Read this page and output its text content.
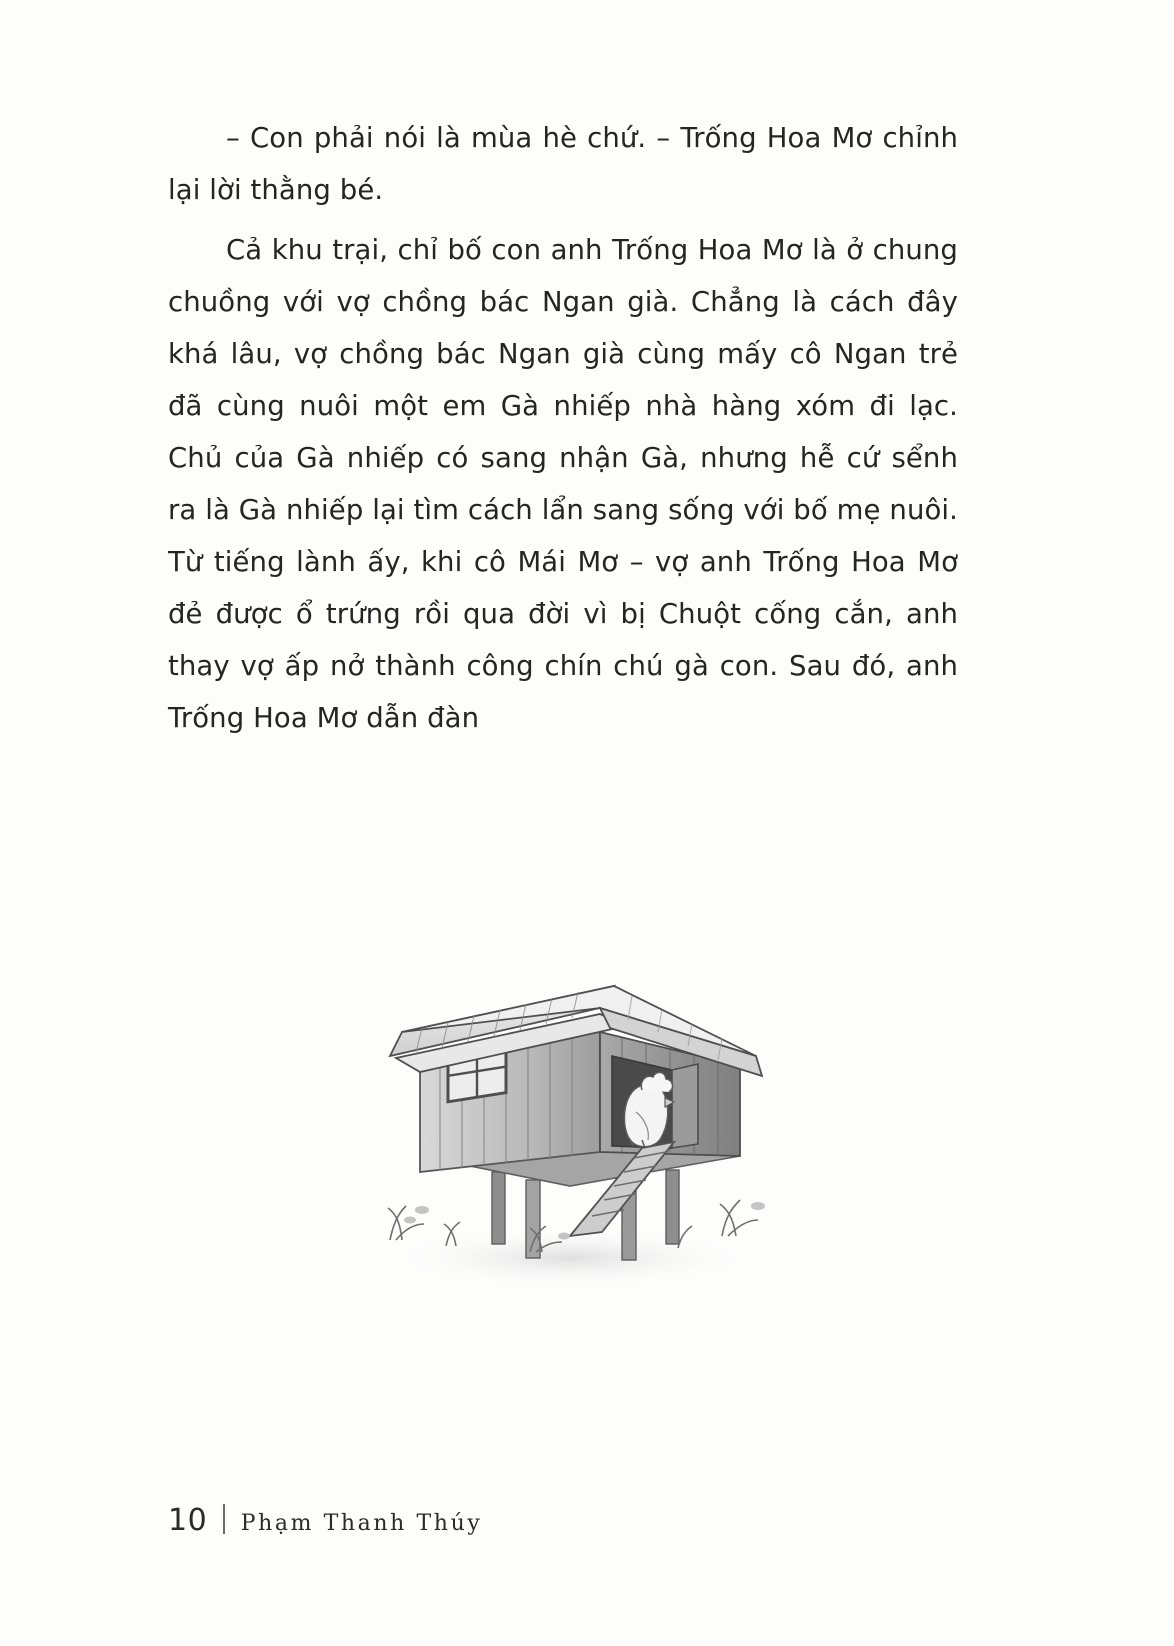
– Con phải nói là mùa hè chứ. – Trống Hoa Mơ chỉnh lại lời thằng bé.

Cả khu trại, chỉ bố con anh Trống Hoa Mơ là ở chung chuồng với vợ chồng bác Ngan già. Chẳng là cách đây khá lâu, vợ chồng bác Ngan già cùng mấy cô Ngan trẻ đã cùng nuôi một em Gà nhiếp nhà hàng xóm đi lạc. Chủ của Gà nhiếp có sang nhận Gà, nhưng hễ cứ sểnh ra là Gà nhiếp lại tìm cách lẩn sang sống với bố mẹ nuôi. Từ tiếng lành ấy, khi cô Mái Mơ – vợ anh Trống Hoa Mơ đẻ được ổ trứng rồi qua đời vì bị Chuột cống cắn, anh thay vợ ấp nở thành công chín chú gà con. Sau đó, anh Trống Hoa Mơ dẫn đàn

10 Phạm Thanh Thúy
